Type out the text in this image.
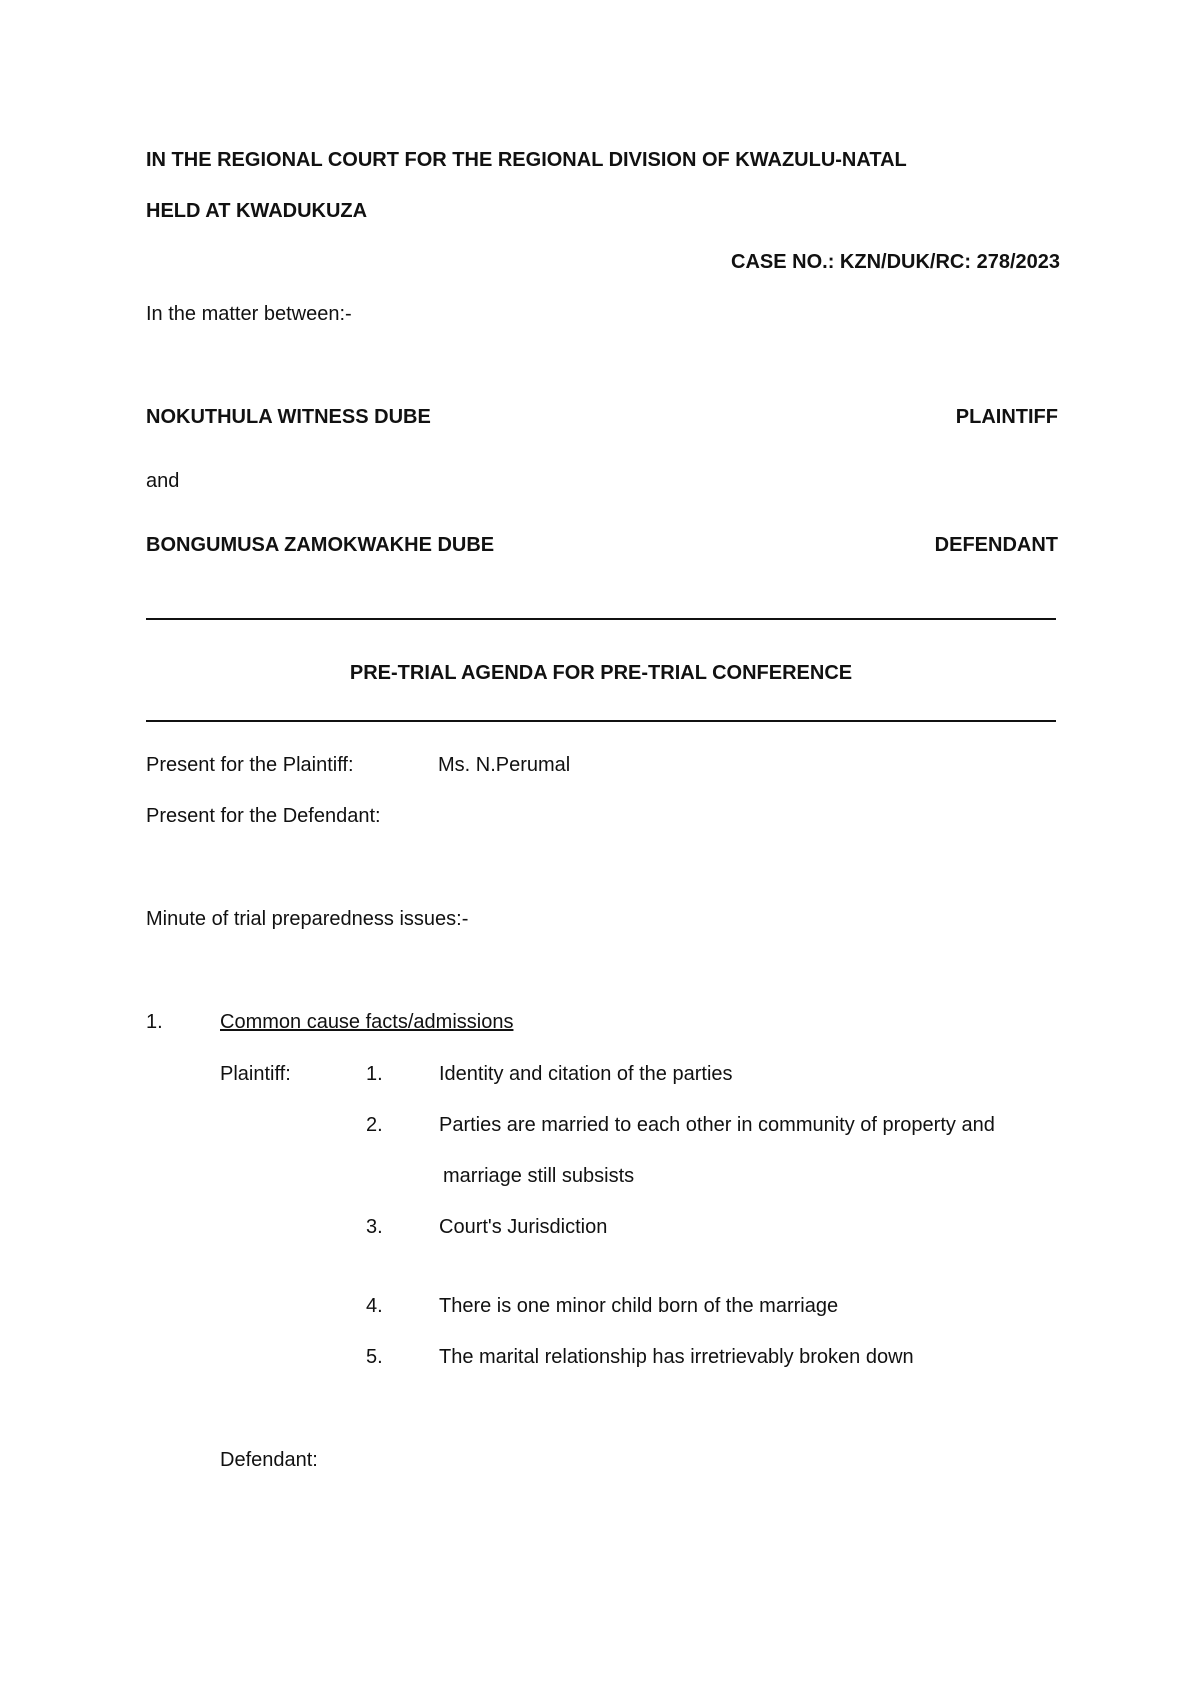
IN THE REGIONAL COURT FOR THE REGIONAL DIVISION OF KWAZULU-NATAL
HELD AT KWADUKUZA
CASE NO.: KZN/DUK/RC: 278/2023
In the matter between:-
NOKUTHULA WITNESS DUBE	PLAINTIFF
and
BONGUMUSA ZAMOKWAKHE DUBE	DEFENDANT
PRE-TRIAL AGENDA FOR PRE-TRIAL CONFERENCE
Present for the Plaintiff:	Ms. N.Perumal
Present for the Defendant:
Minute of trial preparedness issues:-
1.	Common cause facts/admissions
Plaintiff:	1.	Identity and citation of the parties
2.	Parties are married to each other in community of property and
marriage still subsists
3.	Court's Jurisdiction
4.	There is one minor child born of the marriage
5.	The marital relationship has irretrievably broken down
Defendant:
